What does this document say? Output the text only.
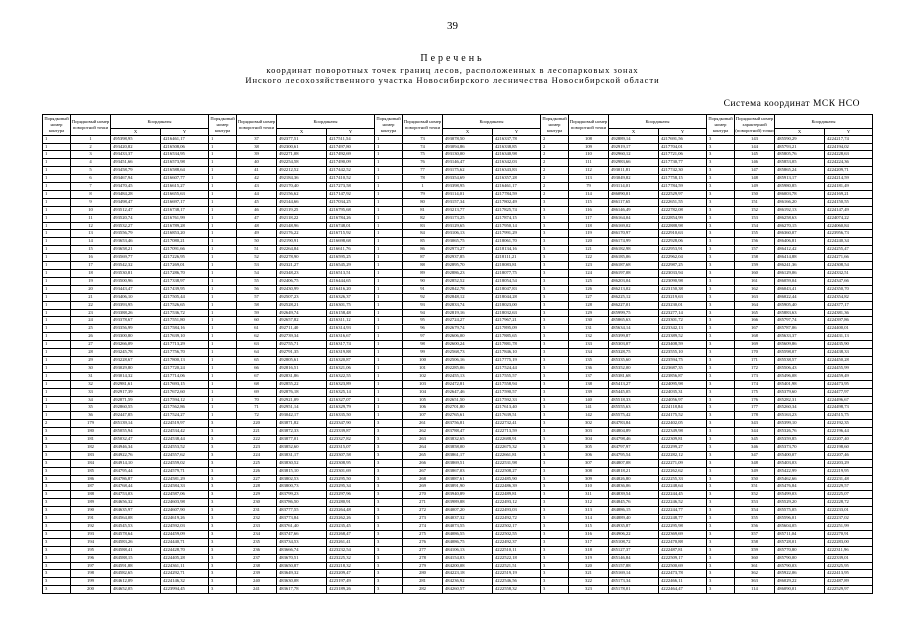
39
Перечень
координат поворотных точек границ лесов, расположенных в лесопарковых зонах
Инского лесохозяйственного участка Новосибирского лесничества Новосибирской области
Система координат МСК НСО
Порядковый номер контура	Порядковый номер поворотной точки	Координаты		Порядковый номер контура	Порядковый номер поворотной точки	Координаты		Порядковый номер контура	Порядковый номер поворотной точки	Координаты		Порядковый номер контура	Порядковый номер поворотной точки	Координаты		Порядковый номер контура	Порядковый номер характерной (поворотной) точки	Координаты	
		X	Y			X	Y			X	Y			X	Y			X	Y
1	1	495398,95	4216461,17	1	37	492377,51	4217511,54	1	73	493078,50	4216337,78	2	108	492889,14	4217691,56	3	143	485590,29	4224217,74
1	2	493420,82	4216508,06	1	38	492300,61	4217497,80	1	74	493094,86	4216338,85	2	109	492919,17	4217704,01	3	144	485793,21	4224194,02
1	3	493433,37	4216534,95	1	39	492271,08	4217492,69	1	75	493130,00	4216340,98	2	110	492960,12	4217721,06	3	145	485805,76	4224228,63
1	4	493451,66	4216573,98	1	40	492254,58	4217490,09	1	76	493146,47	4216342,03	2	111	492983,66	4217730,77	3	146	485853,05	4224224,36
1	5	493458,79	4216588,64	1	41	492212,52	4217442,52	1	77	493175,62	4216343,83	2	112	493011,81	4217742,30	3	147	485865,24	4224209,71
1	6	493467,94	4216607,77	1	42	492184,36	4217410,52	1	78	493354,69	4216357,28	2	113	493049,82	4217758,15	3	148	485913,17	4224214,59
1	7	493470,45	4216615,27	1	43	492170,40	4217273,58	1	1	493398,95	4216461,17	2	79	493114,01	4217784,59	3	149	485980,85	4224181,49
1	8	493484,28	4216655,63	1	44	492156,62	4217147,92	1	79	493114,01	4217784,59	2	114	486090,01	4222529,97	3	150	486003,78	4224169,21
1	9	493498,47	4216697,17	1	45	492144,66	4217034,25	1	80	493157,34	4217802,49	3	115	486117,65	4222651,55	3	151	486166,20	4224150,55
1	10	493512,47	4216738,17	1	46	492119,25	4216795,68	1	81	493213,77	4217825,74	3	116	486146,49	4222782,08	3	152	486192,13	4224147,49
1	11	493520,74	4216761,99	1	47	492118,22	4216784,26	1	82	493173,25	4217874,15	3	117	486164,04	4222854,99	3	153	486258,63	4224074,22
1	12	493532,27	4216789,28	1	48	492148,96	4216748,01	1	83	493129,65	4217950,14	3	118	486169,02	4222888,98	3	154	486270,15	4224060,84
1	13	493556,79	4216853,20	1	49	492176,22	4216715,92	1	84	493106,13	4217991,29	3	119	486170,97	4222910,63	3	155	486360,07	4223956,73
1	14	493653,46	4217080,21	1	50	492190,91	4216698,68	1	85	493065,75	4218061,70	3	120	486174,99	4222928,06	3	156	486406,81	4224240,34
1	15	493658,21	4217091,66	1	51	492264,84	4216611,76	1	86	492973,27	4218134,16	3	121	486182,98	4222953,91	3	157	486412,42	4224255,47
1	16	493569,77	4217226,95	1	52	492278,90	4216595,25	1	87	492937,85	4218111,21	3	122	486185,06	4222962,04	3	158	486414,88	4224271,66
1	17	493542,32	4217269,01	1	53	492321,27	4216545,29	1	88	492895,70	4218083,81	3	123	486187,68	4222987,25	3	159	486241,36	4224308,54
1	18	493530,81	4217286,70	1	54	492348,23	4216513,51	1	89	492886,23	4218077,75	3	124	486197,08	4223033,94	3	160	486129,06	4224332,51
1	19	493500,96	4217338,97	1	55	492406,75	4216444,65	1	90	492852,52	4218054,54	3	125	486203,04	4223090,98	3	161	486059,04	4224347,66
1	20	493443,47	4217439,95	1	56	492430,99	4216416,20	1	91	492842,78	4218047,83	3	126	486213,02	4223150,38	3	162	486043,41	4224350,70
1	21	493406,10	4217505,44	1	57	492507,23	4216326,37	1	92	492848,12	4218044,28	3	127	486225,12	4223219,63	3	163	486022,44	4224354,82
1	22	493393,95	4217526,65	1	58	492528,21	4216301,75	1	93	492833,74	4218023,00	3	128	486227,01	4223230,01	3	164	485905,40	4224377,17
1	23	493388,26	4217536,72	1	59	492649,74	4216158,48	1	94	492819,16	4218032,63	3	129	485999,75	4223277,14	3	165	485883,63	4224381,36
1	24	493378,67	4217551,80	1	60	492657,82	4216311,12	1	95	492724,27	4217967,21	3	130	485865,63	4223301,72	3	166	485797,74	4224397,86
1	25	493356,99	4217584,16	1	61	492711,40	4216314,93	1	96	492679,74	4217895,09	3	131	485634,14	4223342,13	3	167	485787,06	4224400,01
1	26	493300,80	4217639,10	1	62	492739,34	4216316,67	1	97	492606,00	4217885,65	3	132	485399,87	4223389,52	3	168	485633,37	4224431,13
1	27	493266,09	4217713,29	1	63	492755,71	4216317,74	1	98	492600,24	4217881,78	3	133	485303,07	4223408,59	3	169	485609,86	4224435,90
1	28	493245,78	4217756,70	1	64	492791,35	4216319,88	1	99	492568,73	4217846,10	3	134	485328,75	4223555,10	3	170	485598,07	4224438,33
1	29	493228,67	4217800,13	1	65	492805,61	4216320,87	1	100	492506,16	4217775,19	3	135	485335,60	4223594,75	3	171	485538,57	4224450,28
1	30	493029,80	4217720,24	1	66	492816,51	4216321,06	1	101	492285,06	4217524,44	3	136	485352,00	4223687,35	3	172	485506,43	4224455,99
1	31	493014,32	4217714,06	1	67	492831,86	4216322,55	1	102	492455,13	4217555,57	3	137	485381,68	4223856,87	3	173	485496,08	4224459,49
1	32	492981,61	4217693,15	1	68	492855,22	4216323,89	1	103	492472,81	4217558,94	3	138	485413,27	4224095,98	3	174	485401,98	4224473,95
1	33	492917,39	4217672,60	1	69	492876,18	4216325,14	1	104	492647,46	4217590,57	3	139	485445,05	4224035,31	3	175	485379,60	4224477,97
1	34	492871,59	4217594,12	1	70	492921,09	4216327,07	1	105	492651,50	4217592,33	3	140	485518,33	4224056,97	3	176	485282,31	4224496,67
1	35	492860,55	4217562,86	1	71	492951,14	4216329,79	1	106	492701,80	4217613,40	3	141	485555,63	4224118,84	3	177	485260,34	4224498,73
1	36	492447,85	4217524,27	1	72	493042,17	4216335,50	1	107	492765,61	4217639,51	3	142	485575,42	4224175,52	3	178	485163,23	4224515,75
2	179	485139,14	4224519,97	3	220	483871,82	4223347,90	3	261	483756,81	4222732,41	3	302	484783,84	4222402,05	3	343	485399,10	4222192,35
3	180	485055,94	4224534,42	3	221	483872,33	4223339,87	3	262	483788,47	4222713,59	3	303	484804,89	4222349,98	3	344	485326,76	4222196,44
3	181	485032,47	4224538,44	3	222	483877,01	4223327,82	3	263	483832,65	4222688,91	3	304	484798,46	4222309,81	3	345	485359,85	4222207,40
3	182	484946,34	4224553,52	3	223	483852,60	4223315,07	3	264	483858,00	4222675,32	3	305	484797,97	4222299,27	3	346	485373,70	4222198,60
3	183	484922,76	4224557,62	3	224	483831,17	4223307,58	3	265	483861,17	4222661,81	3	306	484795,54	4222282,12	3	347	485400,07	4222207,46
3	184	484914,10	4224559,02	3	225	483830,52	4223308,95	3	266	483869,51	4222531,98	3	307	484807,08	4222271,09	3	348	485403,03	4222203,29
3	185	484795,44	4224579,71	3	226	483815,10	4223301,69	3	267	483867,03	4222508,27	3	308	484818,21	4222262,62	3	349	485422,99	4222219,95
3	186	484786,87	4224581,29	3	227	483802,53	4223295,50	3	268	483887,61	4222485,90	3	309	484826,80	4222255,33	3	350	485462,66	4222231,48
3	187	484768,44	4224584,33	3	228	483800,73	4223295,34	3	269	483891,90	4222486,39	3	310	484836,06	4222248,64	3	351	485476,84	4222229,57
3	188	484753,03	4224587,06	3	229	483799,23	4223297,96	3	270	483940,89	4222489,81	3	311	484839,54	4222244,45	3	352	485499,03	4222225,07
3	189	484656,32	4224603,98	3	230	483786,50	4223280,91	3	271	483989,88	4222493,12	3	312	484845,76	4222246,52	3	353	485529,20	4222228,72
3	190	484635,97	4224607,90	3	231	483777,55	4223264,48	3	272	484007,20	4222493,03	3	313	484886,15	4222244,77	3	354	485575,05	4222233,01
3	191	484564,08	4224619,26	3	232	483773,84	4223262,26	3	273	484037,32	4222492,72	3	314	484889,40	4222248,77	3	355	485596,01	4222237,02
3	192	484545,53	4224592,03	3	233	483761,40	4223235,45	3	274	484073,55	4222502,17	3	315	484935,87	4222295,98	3	356	485604,05	4222251,99
3	193	484578,64	4224459,09	3	234	483747,66	4223268,47	3	275	484086,55	4222502,55	3	316	484906,22	4222369,69	3	357	485711,04	4222270,91
3	194	484583,26	4224440,71	3	235	483734,53	4223261,41	3	276	484086,75	4222492,37	3	317	485108,72	4222470,88	3	358	485728,01	4222283,00
3	195	484588,41	4224428,70	3	236	483666,74	4223232,54	3	277	484106,13	4222510,11	3	318	485127,37	4222487,81	3	359	485770,80	4222311,96
3	196	484588,15	4224405,28	3	237	483670,51	4223225,32	3	278	484154,03	4222522,18	3	319	485146,84	4222509,17	3	360	485790,00	4222339,01
3	197	484591,88	4224361,11	3	238	483650,87	4223218,32	3	279	484200,08	4222521,51	3	320	485157,88	4222500,69	3	361	485790,03	4222325,95
3	198	484582,65	4224292,71	3	239	483649,32	4223209,47	3	280	484223,18	4222519,19	3	321	485169,14	4222473,78	3	362	485922,06	4222413,95
3	199	484612,09	4224146,32	3	240	483630,08	4223197,49	3	281	484236,92	4222546,56	3	322	485173,34	4222466,11	3	363	486029,22	4222487,89
3	200	484652,05	4223994,45	3	241	483617,78	4223189,26	3	282	484260,57	4222558,32	3	323	485178,01	4222464,47	3	114	486090,01	4222529,97
